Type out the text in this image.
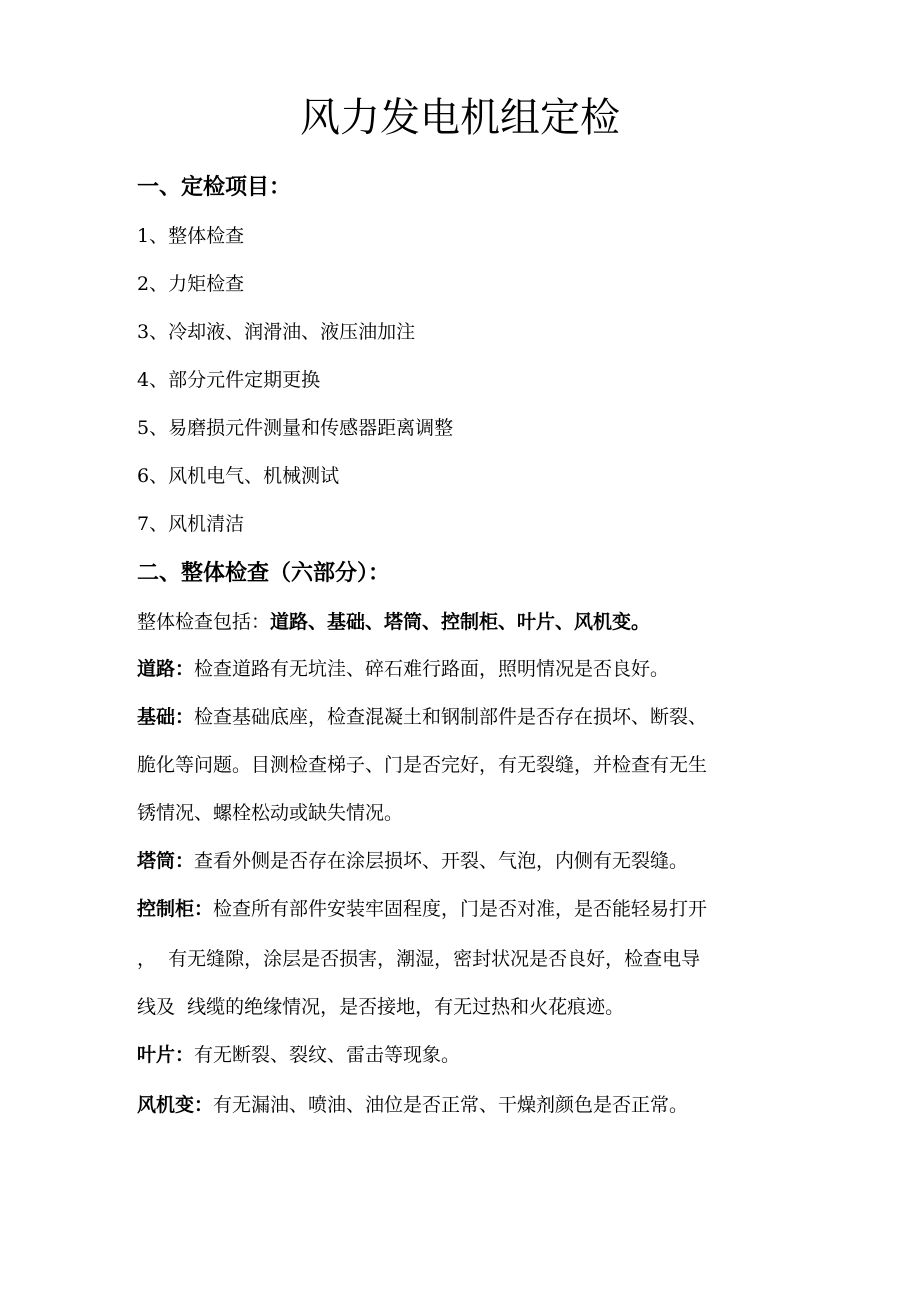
风力发电机组定检
一、定检项目：

1、整体检查

2、力矩检查

3、冷却液、润滑油、液压油加注

4、部分元件定期更换

5、易磨损元件测量和传感器距离调整

6、风机电气、机械测试

7、风机清洁

二、整体检查（六部分）：

整体检查包括：道路、基础、塔筒、控制柜、叶片、风机变。

道路：检查道路有无坑洼、碎石难行路面，照明情况是否良好。

基础：检查基础底座，检查混凝土和钢制部件是否存在损坏、断裂、

脆化等问题。目测检查梯子、门是否完好，有无裂缝，并检查有无生

锈情况、螺栓松动或缺失情况。

塔筒：查看外侧是否存在涂层损坏、开裂、气泡，内侧有无裂缝。

控制柜：检查所有部件安装牢固程度，门是否对准，是否能轻易打开

，  有无缝隙，涂层是否损害，潮湿，密封状况是否良好，检查电导

线及  线缆的绝缘情况，是否接地，有无过热和火花痕迹。

叶片：有无断裂、裂纹、雷击等现象。

风机变：有无漏油、喷油、油位是否正常、干燥剂颜色是否正常。
